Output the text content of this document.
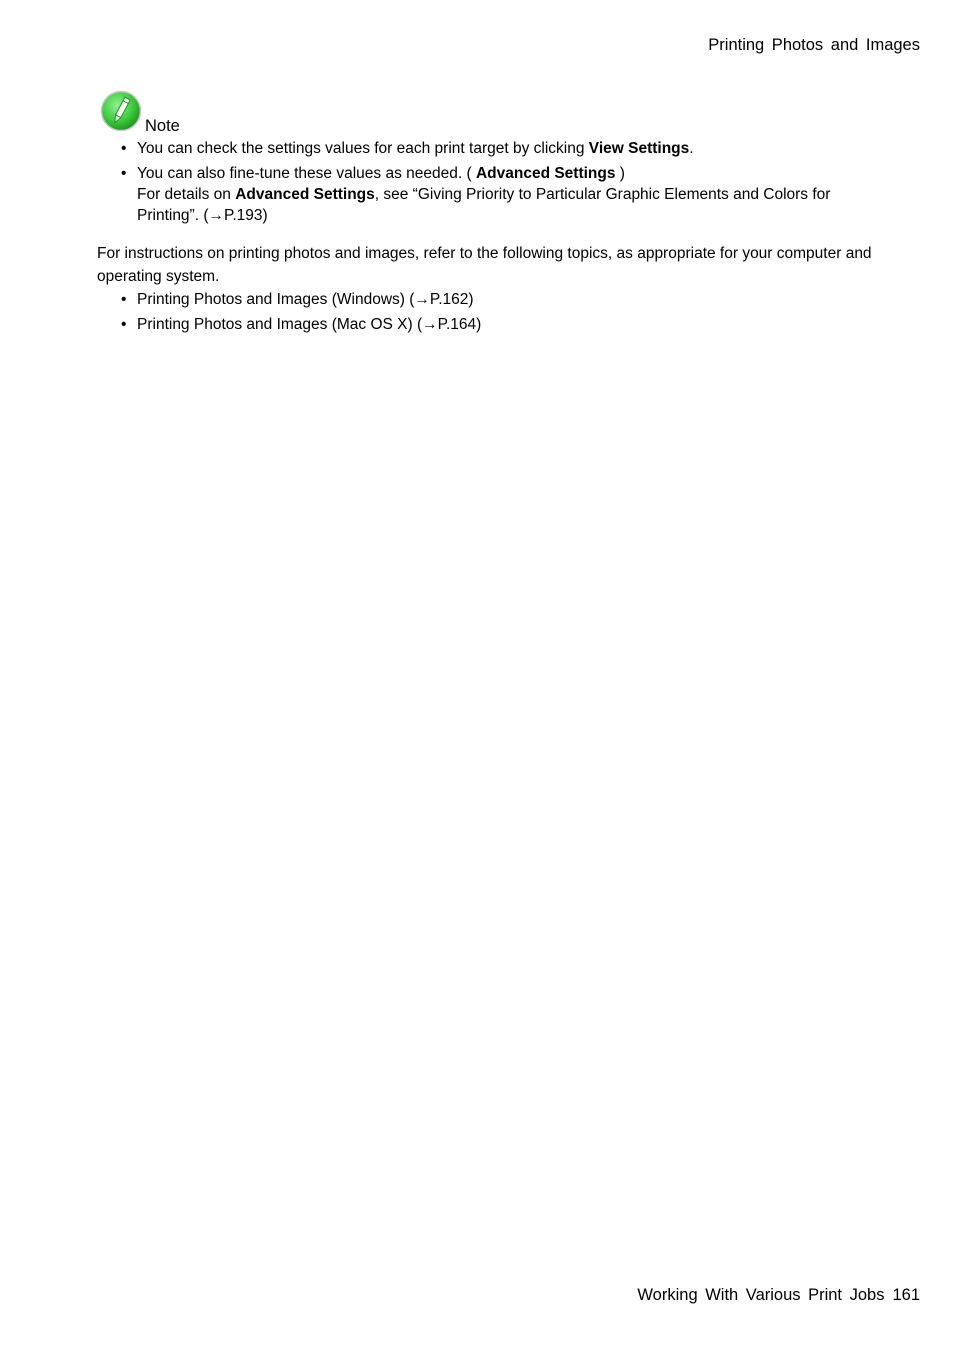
Printing Photos and Images
Note
• You can check the settings values for each print target by clicking View Settings.
• You can also fine-tune these values as needed. ( Advanced Settings )
For details on Advanced Settings, see “Giving Priority to Particular Graphic Elements and Colors for Printing”. (→P.193)

For instructions on printing photos and images, refer to the following topics, as appropriate for your computer and operating system.

• Printing Photos and Images (Windows) (→P.162)
• Printing Photos and Images (Mac OS X) (→P.164)
Working With Various Print Jobs 161
